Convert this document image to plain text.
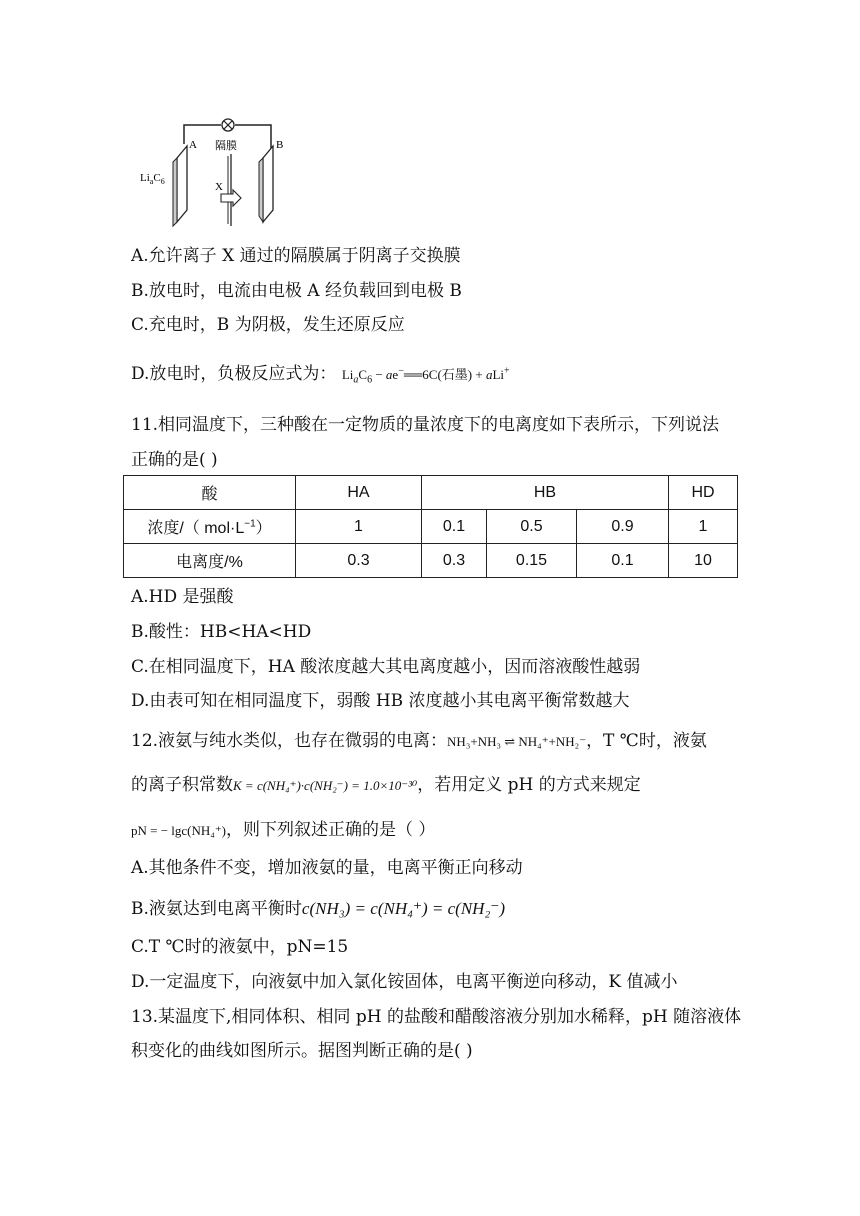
A	B
隔膜
X
$Li_aC_6$
A.允许离子 X 通过的隔膜属于阴离子交换膜
B.放电时，电流由电极 A 经负载回到电极 B
C.充电时，B 为阴极，发生还原反应
D.放电时，负极反应式为： $Li_aC_6$ − ae−══6C(石墨) + aLi+
11.相同温度下，三种酸在一定物质的量浓度下的电离度如下表所示，下列说法
正确的是( )
酸	HA	HB			HD
浓度/（ $mol\cdot L^{-1}$）	1	0.1	0.5	0.9	1
电离度/%	0.3	0.3	0.15	0.1	10
A.HD 是强酸
B.酸性：HB<HA<HD
C.在相同温度下，HA 酸浓度越大其电离度越小，因而溶液酸性越弱
D.由表可知在相同温度下，弱酸 HB 浓度越小其电离平衡常数越大
12.液氨与纯水类似，也存在微弱的电离：NH₃+NH₃ ⇌ NH₄⁺+NH₂⁻，T ℃时，液氨
的离子积常数K = c(NH₄⁺)·c(NH₂⁻) = 1.0×10⁻³⁰，若用定义 pH 的方式来规定
pN = − lgc(NH₄⁺)，则下列叙述正确的是（ ）
A.其他条件不变，增加液氨的量，电离平衡正向移动
B.液氨达到电离平衡时c(NH₃) = c(NH₄⁺) = c(NH₂⁻)
C.T ℃时的液氨中，pN=15
D.一定温度下，向液氨中加入氯化铵固体，电离平衡逆向移动，K 值减小
13.某温度下,相同体积、相同 pH 的盐酸和醋酸溶液分别加水稀释，pH 随溶液体
积变化的曲线如图所示。据图判断正确的是( )
